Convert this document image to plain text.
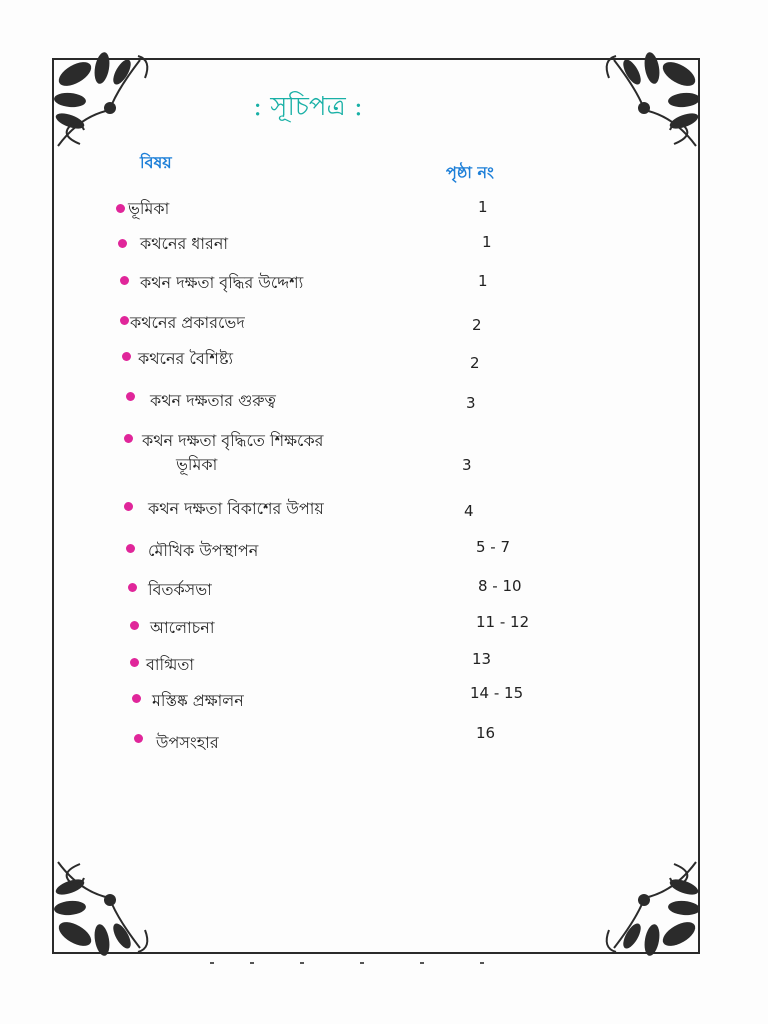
: সূচিপত্র :
বিষয়
পৃষ্ঠা নং
ভূমিকা	1
কথনের ধারনা	1
কথন দক্ষতা বৃদ্ধির উদ্দেশ্য	1
কথনের প্রকারভেদ	2
কথনের বৈশিষ্ট্য	2
কথন দক্ষতার গুরুত্ব	3
কথন দক্ষতা বৃদ্ধিতে শিক্ষকের
ভূমিকা	3
কথন দক্ষতা বিকাশের উপায়	4
মৌখিক উপস্থাপন	5 - 7
বিতর্কসভা	8 - 10
আলোচনা	11 - 12
বাগ্মিতা	13
মস্তিষ্ক প্রক্ষালন	14 - 15
উপসংহার	16
